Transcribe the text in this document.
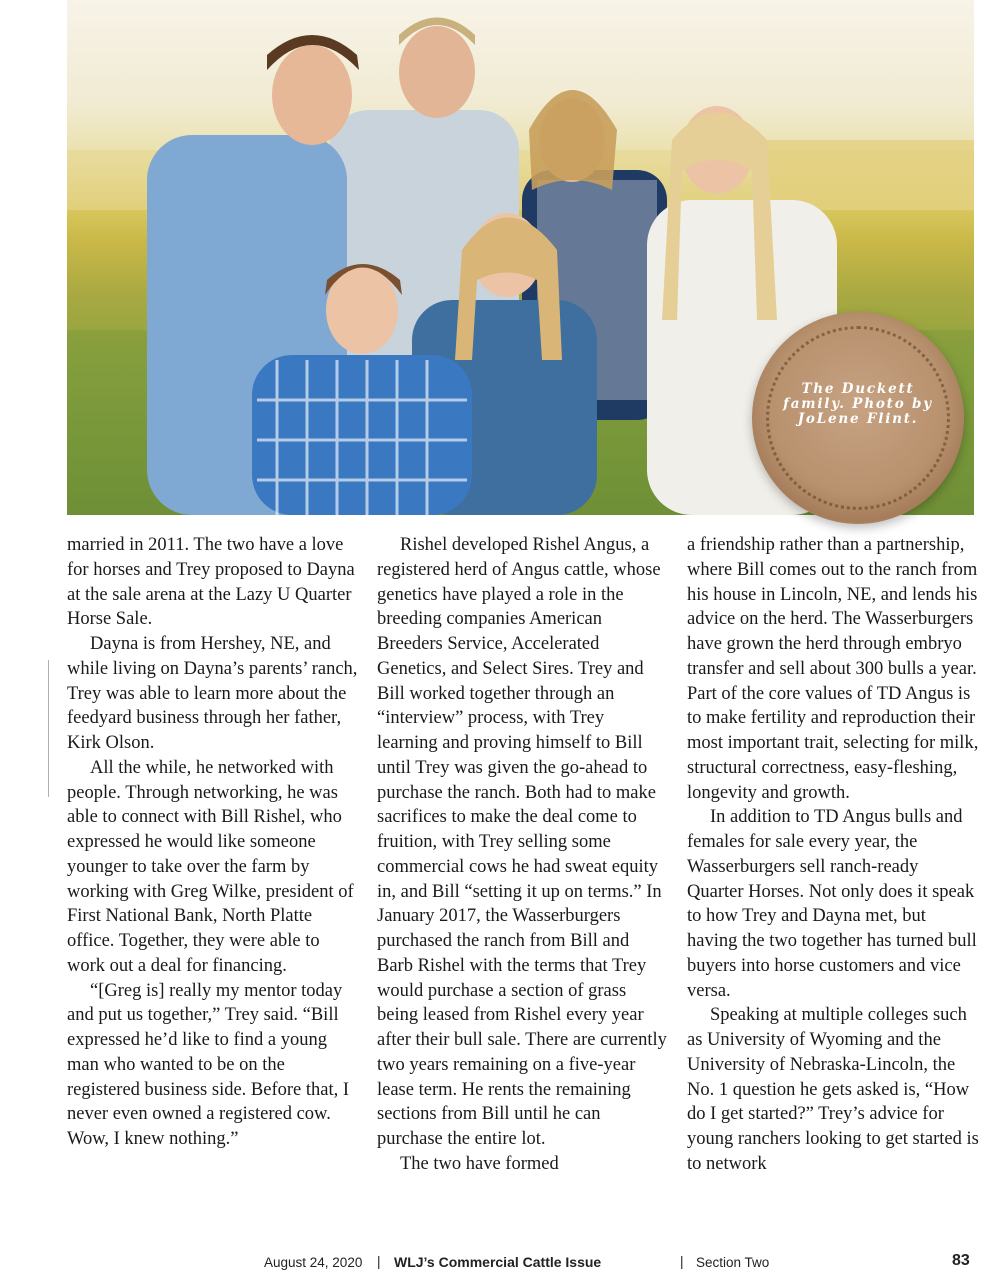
The Duckett family. Photo by JoLene Flint.

married in 2011. The two have a love for horses and Trey proposed to Dayna at the sale arena at the Lazy U Quarter Horse Sale.

Dayna is from Hershey, NE, and while living on Dayna’s parents’ ranch, Trey was able to learn more about the feedyard business through her father, Kirk Olson.

All the while, he networked with people. Through networking, he was able to connect with Bill Rishel, who expressed he would like someone younger to take over the farm by working with Greg Wilke, president of First National Bank, North Platte office. Together, they were able to work out a deal for financing.

“[Greg is] really my mentor today and put us together,” Trey said. “Bill expressed he’d like to find a young man who wanted to be on the registered business side. Before that, I never even owned a registered cow. Wow, I knew nothing.”

Rishel developed Rishel Angus, a registered herd of Angus cattle, whose genetics have played a role in the breeding companies American Breeders Service, Accelerated Genetics, and Select Sires. Trey and Bill worked together through an “interview” process, with Trey learning and proving himself to Bill until Trey was given the go-ahead to purchase the ranch. Both had to make sacrifices to make the deal come to fruition, with Trey selling some commercial cows he had sweat equity in, and Bill “setting it up on terms.” In January 2017, the Wasserburgers purchased the ranch from Bill and Barb Rishel with the terms that Trey would purchase a section of grass being leased from Rishel every year after their bull sale. There are currently two years remaining on a five-year lease term. He rents the remaining sections from Bill until he can purchase the entire lot.

The two have formed

a friendship rather than a partnership, where Bill comes out to the ranch from his house in Lincoln, NE, and lends his advice on the herd. The Wasserburgers have grown the herd through embryo transfer and sell about 300 bulls a year. Part of the core values of TD Angus is to make fertility and reproduction their most important trait, selecting for milk, structural correctness, easy-fleshing, longevity and growth.

In addition to TD Angus bulls and females for sale every year, the Wasserburgers sell ranch-ready Quarter Horses. Not only does it speak to how Trey and Dayna met, but having the two together has turned bull buyers into horse customers and vice versa.

Speaking at multiple colleges such as University of Wyoming and the University of Nebraska-Lincoln, the No. 1 question he gets asked is, “How do I get started?” Trey’s advice for young ranchers looking to get started is to network

August 24, 2020 | WLJ’s Commercial Cattle Issue	| Section Two	83
